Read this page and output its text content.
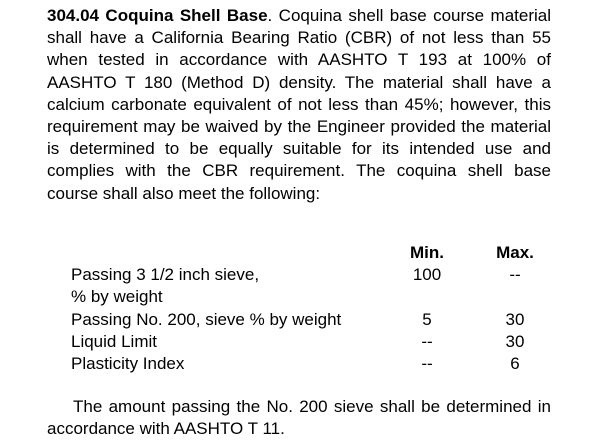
304.04 Coquina Shell Base. Coquina shell base course material shall have a California Bearing Ratio (CBR) of not less than 55 when tested in accordance with AASHTO T 193 at 100% of AASHTO T 180 (Method D) density. The material shall have a calcium carbonate equivalent of not less than 45%; however, this requirement may be waived by the Engineer provided the material is determined to be equally suitable for its intended use and complies with the CBR requirement. The coquina shell base course shall also meet the following:

	Min.	Max.
Passing 3 1/2 inch sieve,	100	--
% by weight		
Passing No. 200, sieve % by weight	5	30
Liquid Limit	--	30
Plasticity Index	--	6

The amount passing the No. 200 sieve shall be determined in accordance with AASHTO T 11.
